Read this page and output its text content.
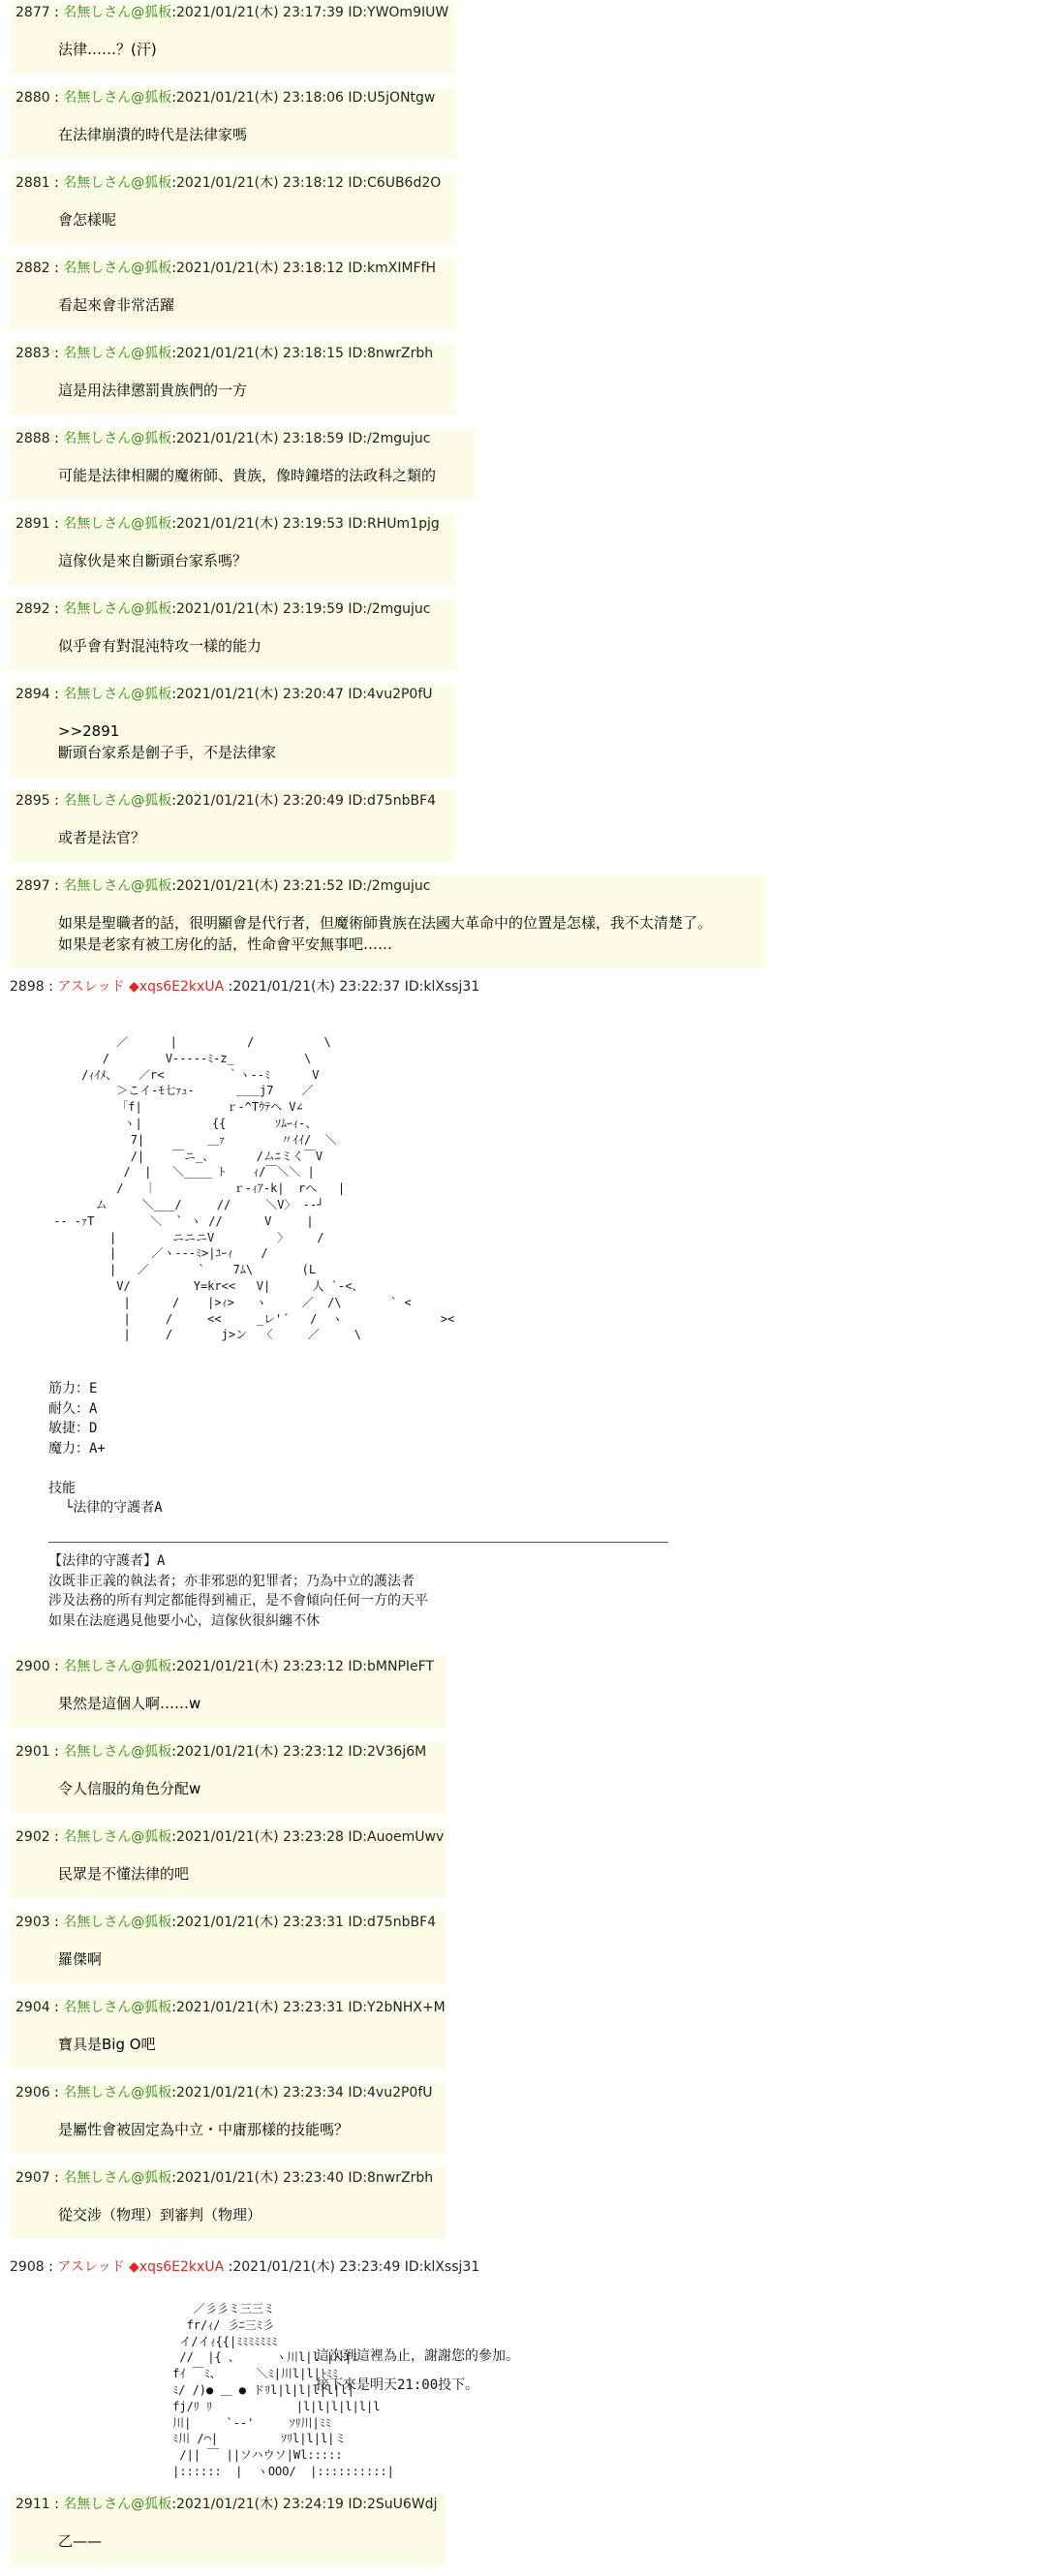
2877 : 名無しさん@狐板:2021/01/21(木) 23:17:39 ID:YWOm9IUW
法律……？(汗)
2880 : 名無しさん@狐板:2021/01/21(木) 23:18:06 ID:U5jONtgw
在法律崩潰的時代是法律家嗎
2881 : 名無しさん@狐板:2021/01/21(木) 23:18:12 ID:C6UB6d2O
會怎樣呢
2882 : 名無しさん@狐板:2021/01/21(木) 23:18:12 ID:kmXIMFfH
看起來會非常活躍
2883 : 名無しさん@狐板:2021/01/21(木) 23:18:15 ID:8nwrZrbh
這是用法律懲罰貴族們的一方
2888 : 名無しさん@狐板:2021/01/21(木) 23:18:59 ID:/2mgujuc
可能是法律相關的魔術師、貴族，像時鐘塔的法政科之類的
2891 : 名無しさん@狐板:2021/01/21(木) 23:19:53 ID:RHUm1pjg
這傢伙是來自斷頭台家系嗎？
2892 : 名無しさん@狐板:2021/01/21(木) 23:19:59 ID:/2mgujuc
似乎會有對混沌特攻一樣的能力
2894 : 名無しさん@狐板:2021/01/21(木) 23:20:47 ID:4vu2P0fU
>>2891
斷頭台家系是劊子手，不是法律家
2895 : 名無しさん@狐板:2021/01/21(木) 23:20:49 ID:d75nbBF4
或者是法官？
2897 : 名無しさん@狐板:2021/01/21(木) 23:21:52 ID:/2mgujuc
如果是聖職者的話，很明顯會是代行者，但魔術師貴族在法國大革命中的位置是怎樣，我不太清楚了。
如果是老家有被工房化的話，性命會平安無事吧……
2900 : 名無しさん@狐板:2021/01/21(木) 23:23:12 ID:bMNPIeFT
果然是這個人啊……w
2901 : 名無しさん@狐板:2021/01/21(木) 23:23:12 ID:2V36j6M
令人信服的角色分配w
2902 : 名無しさん@狐板:2021/01/21(木) 23:23:28 ID:AuoemUwv
民眾是不懂法律的吧
2903 : 名無しさん@狐板:2021/01/21(木) 23:23:31 ID:d75nbBF4
羅傑啊
2904 : 名無しさん@狐板:2021/01/21(木) 23:23:31 ID:Y2bNHX+M
寶具是Big O吧
2906 : 名無しさん@狐板:2021/01/21(木) 23:23:34 ID:4vu2P0fU
是屬性會被固定為中立・中庸那樣的技能嗎？
2907 : 名無しさん@狐板:2021/01/21(木) 23:23:40 ID:8nwrZrbh
從交涉（物理）到審判（物理）
2911 : 名無しさん@狐板:2021/01/21(木) 23:24:19 ID:2SuU6Wdj
乙——
2898 : アスレッド ◆xqs6E2kxUA :2021/01/21(木) 23:22:37 ID:klXssj31
／      |          /          \
/        V‐‐-‐-ﾐ‐z_          \
/ｨｲﾒ、   ／r<         ｀ヽ‐-ﾐ      V
＞こイ-ﾓ七ｧｭ‐      ＿＿j7    ／
「f|            ｒ‐^Tｳﾃヘ V∠
ヽ|          {{       ｿﾑｰｨ-、
7|         ＿ｧ        〃ｲｲ/  ＼
/|    ￣ニ_、      /ムﾆミく￣V
/  |   ＼____ ﾄ    ｨ/￣＼＼ |
/   ｜           ｒ‐ｨｱ-k|  rへ   |
ム     ＼___/     //     ＼V〉 -‐┘
‐- ‐ｧT        ＼  ` ヽ //      V     |
|        ニニニV         〉    /
|     ／ヽ‐‐‐ﾐ>|ﾕｰｨ    /
|   ／       `    7ﾑ\       (L
V/         Y=kr<<   V|      人 `‐<、
|      /    |>ｨ>   ヽ     ／  /\       ` <
|     /     <<     _レ'´   /  ヽ              ><
|     /       j>ン  〈     ／     \
筋力：E
耐久：A
敏捷：D
魔力：A+

技能
└法律的守護者A
【法律的守護者】A
汝既非正義的執法者；亦非邪惡的犯罪者；乃為中立的護法者
涉及法務的所有判定都能得到補正，是不會傾向任何一方的天平
如果在法庭遇見他要小心，這傢伙很糾纏不休
2908 : アスレッド ◆xqs6E2kxUA :2021/01/21(木) 23:23:49 ID:klXssj31
／彡彡ミ三三ミ
fr/ｨ/ 彡ﾆ三ﾐ彡
イ/イｨ{{|ﾐﾐﾐﾐﾐﾐﾐ
//  |{ 、     ヽ川l|l |ﾄﾄ|ﾐ
fｲ ￣ﾐ、     ＼ﾐ|川l|l|ﾄﾐﾐ
ﾐ/ /)● ＿ ● ドﾘl|l|l|l|l|l|
fj/ﾘ ﾘ            |l|l|l|l|l|l
川|     `--'     ｿﾘ川|ﾐﾐ
ﾐ川 /⌒|         ｿﾘl|l|l|ミ
/|| ￣ ||ソハウソ|Wl:::::
|::::::  |  ヽOOO/  |::::::::::|
這次到這裡為止，謝謝您的參加。
接下來是明天21:00投下。
